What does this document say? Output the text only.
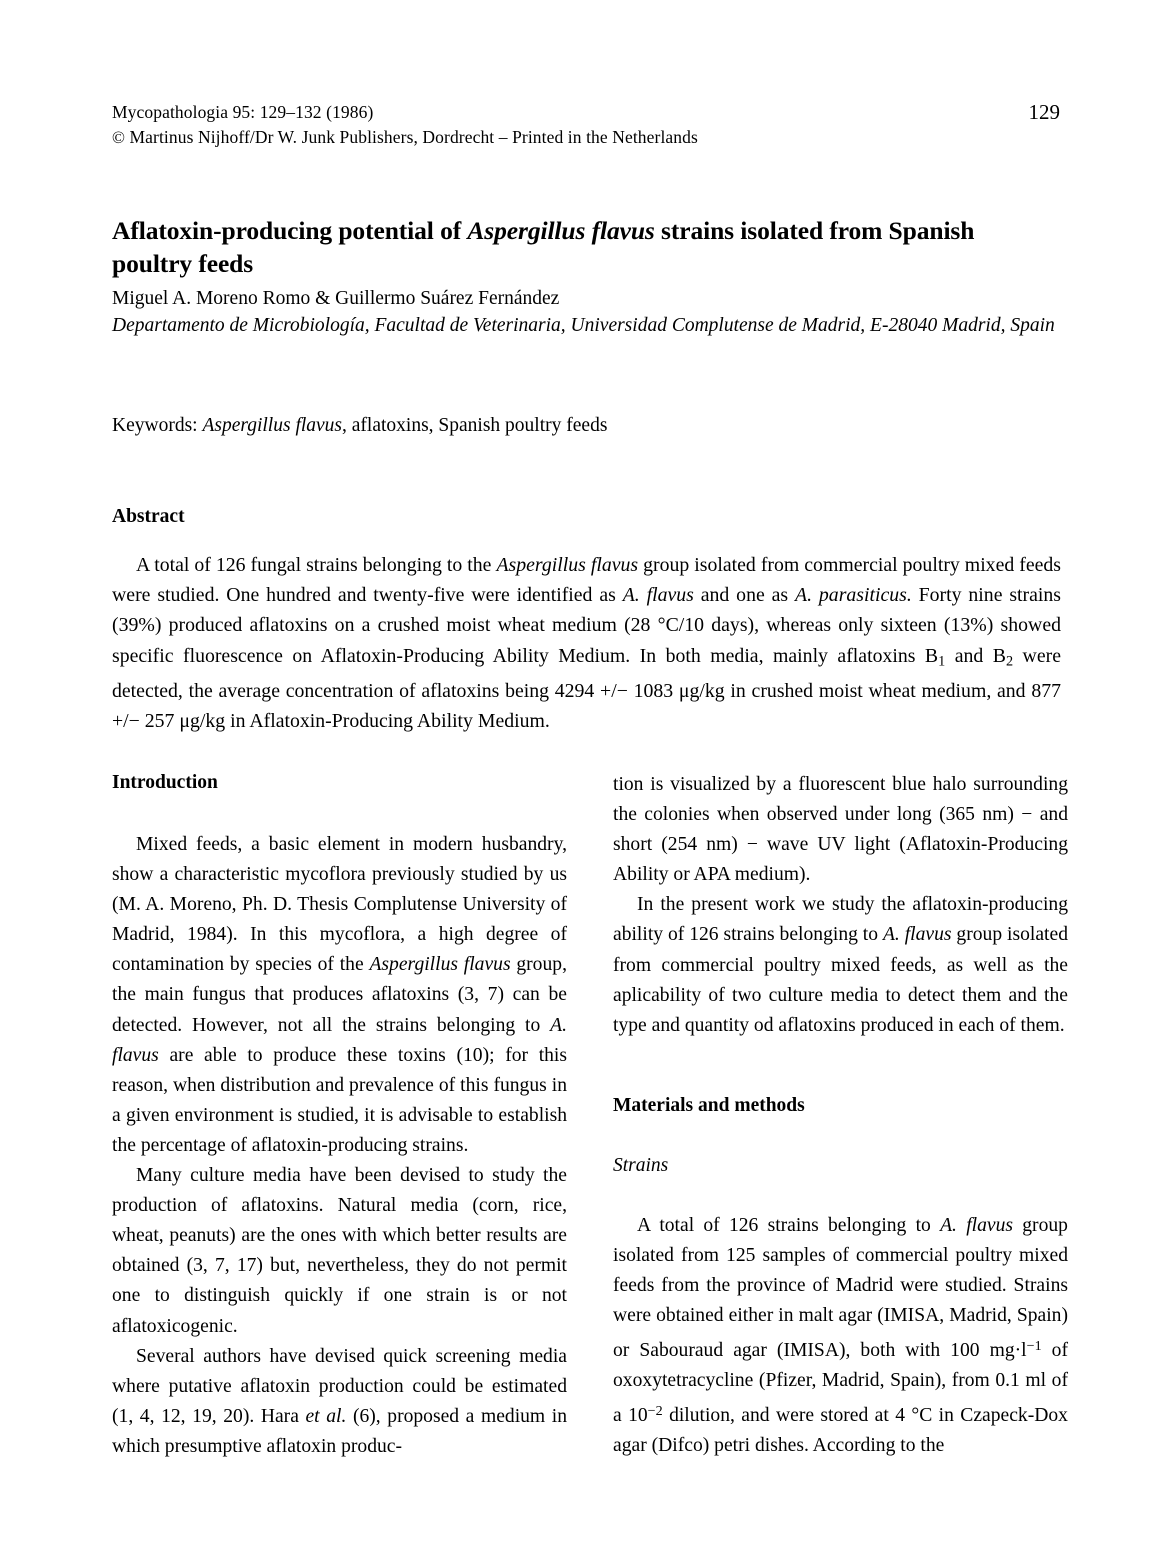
Mycopathologia 95: 129–132 (1986)
© Martinus Nijhoff/Dr W. Junk Publishers, Dordrecht – Printed in the Netherlands
129
Aflatoxin-producing potential of Aspergillus flavus strains isolated from Spanish poultry feeds
Miguel A. Moreno Romo & Guillermo Suárez Fernández
Departamento de Microbiología, Facultad de Veterinaria, Universidad Complutense de Madrid, E-28040 Madrid, Spain
Keywords: Aspergillus flavus, aflatoxins, Spanish poultry feeds
Abstract
A total of 126 fungal strains belonging to the Aspergillus flavus group isolated from commercial poultry mixed feeds were studied. One hundred and twenty-five were identified as A. flavus and one as A. parasiticus. Forty nine strains (39%) produced aflatoxins on a crushed moist wheat medium (28 °C/10 days), whereas only sixteen (13%) showed specific fluorescence on Aflatoxin-Producing Ability Medium. In both media, mainly aflatoxins $B_1$ and $B_2$ were detected, the average concentration of aflatoxins being 4294 +/− 1083 μg/kg in crushed moist wheat medium, and 877 +/− 257 μg/kg in Aflatoxin-Producing Ability Medium.
Introduction

Mixed feeds, a basic element in modern husbandry, show a characteristic mycoflora previously studied by us (M. A. Moreno, Ph. D. Thesis Complutense University of Madrid, 1984). In this mycoflora, a high degree of contamination by species of the Aspergillus flavus group, the main fungus that produces aflatoxins (3, 7) can be detected. However, not all the strains belonging to A. flavus are able to produce these toxins (10); for this reason, when distribution and prevalence of this fungus in a given environment is studied, it is advisable to establish the percentage of aflatoxin-producing strains.

Many culture media have been devised to study the production of aflatoxins. Natural media (corn, rice, wheat, peanuts) are the ones with which better results are obtained (3, 7, 17) but, nevertheless, they do not permit one to distinguish quickly if one strain is or not aflatoxicogenic.

Several authors have devised quick screening media where putative aflatoxin production could be estimated (1, 4, 12, 19, 20). Hara et al. (6), proposed a medium in which presumptive aflatoxin produc-

tion is visualized by a fluorescent blue halo surrounding the colonies when observed under long (365 nm) − and short (254 nm) − wave UV light (Aflatoxin-Producing Ability or APA medium).

In the present work we study the aflatoxin-producing ability of 126 strains belonging to A. flavus group isolated from commercial poultry mixed feeds, as well as the aplicability of two culture media to detect them and the type and quantity od aflatoxins produced in each of them.

Materials and methods
Strains

A total of 126 strains belonging to A. flavus group isolated from 125 samples of commercial poultry mixed feeds from the province of Madrid were studied. Strains were obtained either in malt agar (IMISA, Madrid, Spain) or Sabouraud agar (IMISA), both with 100 $mg\cdot l^{-1}$ of oxoxytetracycline (Pfizer, Madrid, Spain), from 0.1 ml of a $10^{-2}$ dilution, and were stored at 4 °C in Czapeck-Dox agar (Difco) petri dishes. According to the
